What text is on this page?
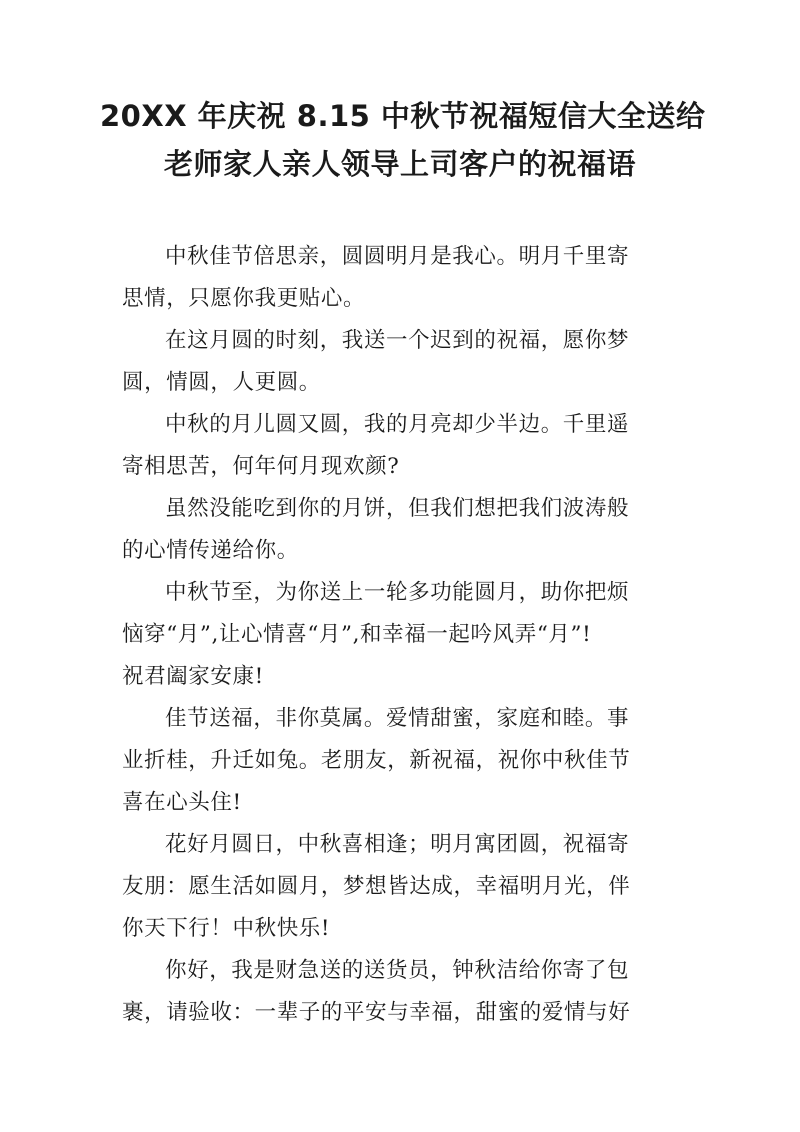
20XX 年庆祝 8.15 中秋节祝福短信大全送给
老师家人亲人领导上司客户的祝福语

中秋佳节倍思亲，圆圆明月是我心。明月千里寄
思情，只愿你我更贴心。

在这月圆的时刻，我送一个迟到的祝福，愿你梦
圆，情圆，人更圆。

中秋的月儿圆又圆，我的月亮却少半边。千里遥
寄相思苦，何年何月现欢颜?

虽然没能吃到你的月饼，但我们想把我们波涛般
的心情传递给你。

中秋节至，为你送上一轮多功能圆月，助你把烦
恼穿“月”,让心情喜“月”,和幸福一起吟风弄“月”!
祝君阖家安康!

佳节送福，非你莫属。爱情甜蜜，家庭和睦。事
业折桂，升迁如兔。老朋友，新祝福，祝你中秋佳节
喜在心头住!

花好月圆日，中秋喜相逢；明月寓团圆，祝福寄
友朋：愿生活如圆月，梦想皆达成，幸福明月光，伴
你天下行！中秋快乐!

你好，我是财急送的送货员，钟秋洁给你寄了包
裹，请验收：一辈子的平安与幸福，甜蜜的爱情与好
